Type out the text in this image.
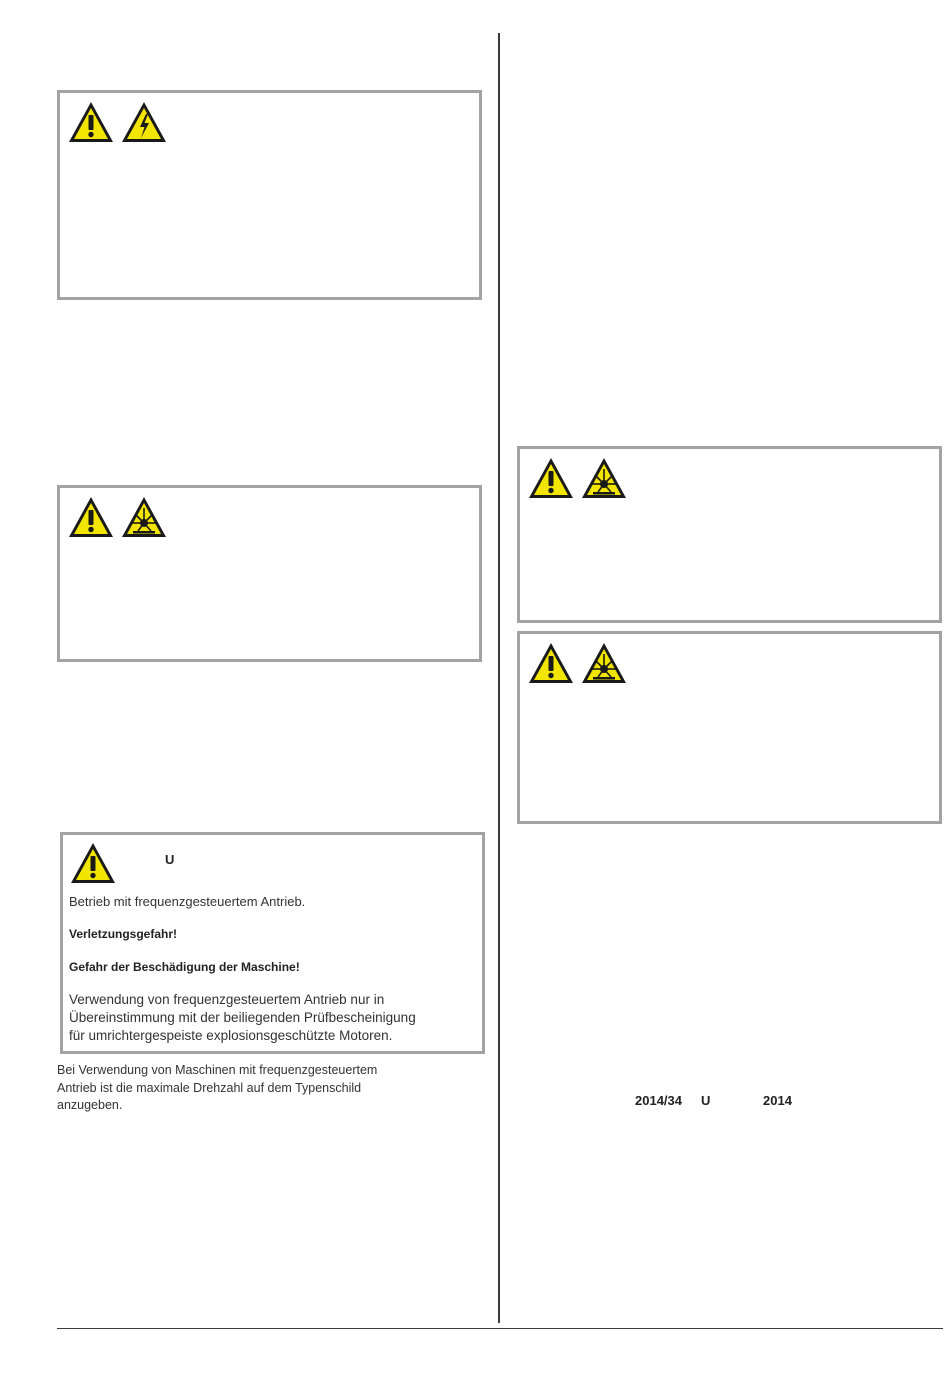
U
Betrieb mit frequenzgesteuertem Antrieb.
Verletzungsgefahr!
Gefahr der Beschädigung der Maschine!
Verwendung von frequenzgesteuertem Antrieb nur in
Übereinstimmung mit der beiliegenden Prüfbescheinigung
für umrichtergespeiste explosionsgeschützte Motoren.
Bei Verwendung von Maschinen mit frequenzgesteuertem
Antrieb ist die maximale Drehzahl auf dem Typenschild
anzugeben.	2014/34 U	2014
